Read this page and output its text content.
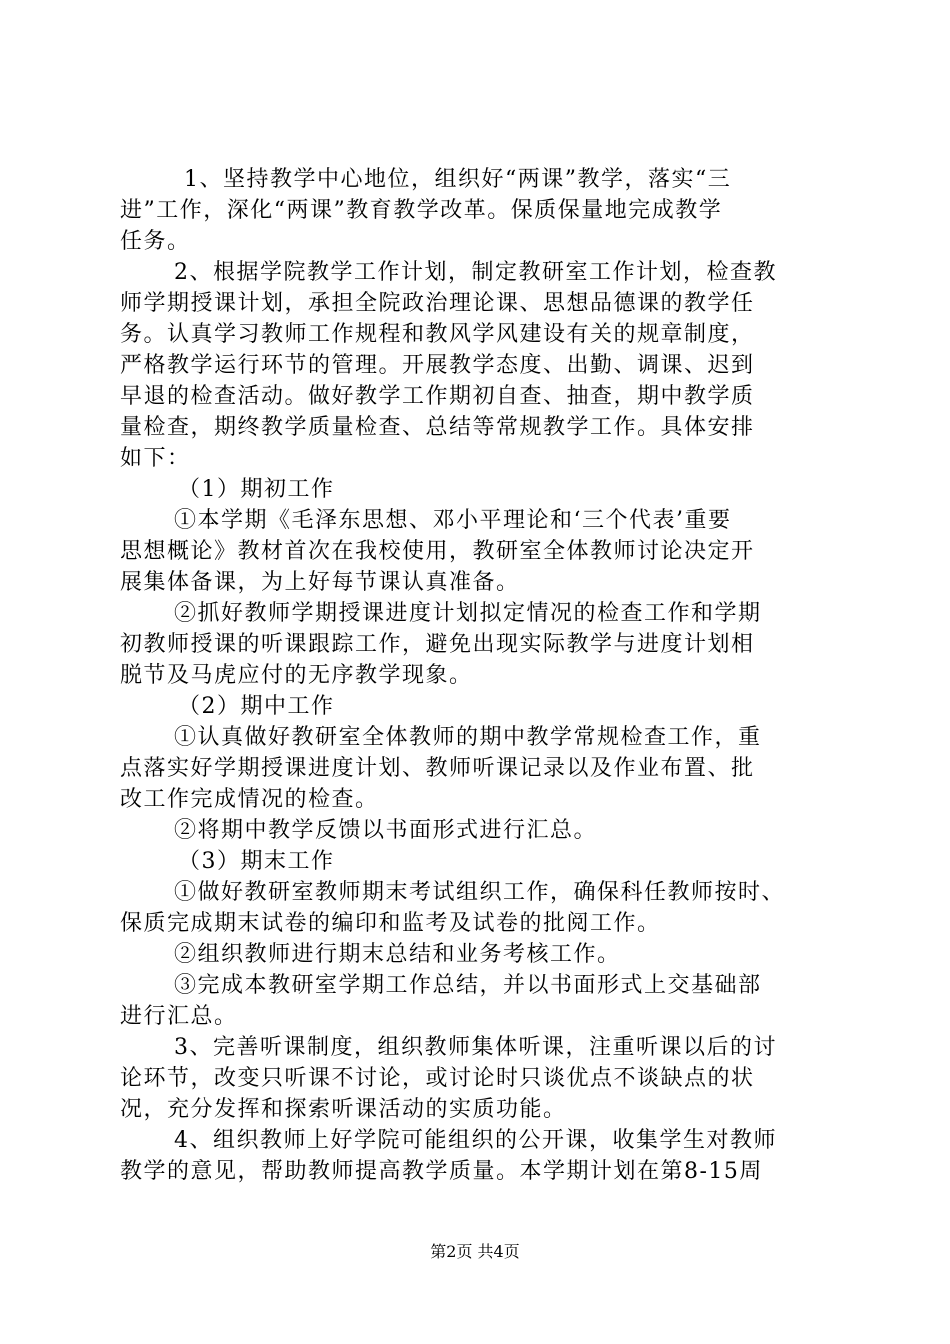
1、坚持教学中心地位，组织好“两课”教学，落实“三
进”工作，深化“两课”教育教学改革。保质保量地完成教学
任务。
2、根据学院教学工作计划，制定教研室工作计划，检查教
师学期授课计划，承担全院政治理论课、思想品德课的教学任
务。认真学习教师工作规程和教风学风建设有关的规章制度，
严格教学运行环节的管理。开展教学态度、出勤、调课、迟到
早退的检查活动。做好教学工作期初自查、抽查，期中教学质
量检查，期终教学质量检查、总结等常规教学工作。具体安排
如下：
（1）期初工作
①本学期《毛泽东思想、邓小平理论和‘三个代表’重要
思想概论》教材首次在我校使用，教研室全体教师讨论决定开
展集体备课，为上好每节课认真准备。
②抓好教师学期授课进度计划拟定情况的检查工作和学期
初教师授课的听课跟踪工作，避免出现实际教学与进度计划相
脱节及马虎应付的无序教学现象。
（2）期中工作
①认真做好教研室全体教师的期中教学常规检查工作，重
点落实好学期授课进度计划、教师听课记录以及作业布置、批
改工作完成情况的检查。
②将期中教学反馈以书面形式进行汇总。
（3）期末工作
①做好教研室教师期末考试组织工作，确保科任教师按时、
保质完成期末试卷的编印和监考及试卷的批阅工作。
②组织教师进行期末总结和业务考核工作。
③完成本教研室学期工作总结，并以书面形式上交基础部
进行汇总。
3、完善听课制度，组织教师集体听课，注重听课以后的讨
论环节，改变只听课不讨论，或讨论时只谈优点不谈缺点的状
况，充分发挥和探索听课活动的实质功能。
4、组织教师上好学院可能组织的公开课，收集学生对教师
教学的意见，帮助教师提高教学质量。本学期计划在第8-15周
第2页 共4页
